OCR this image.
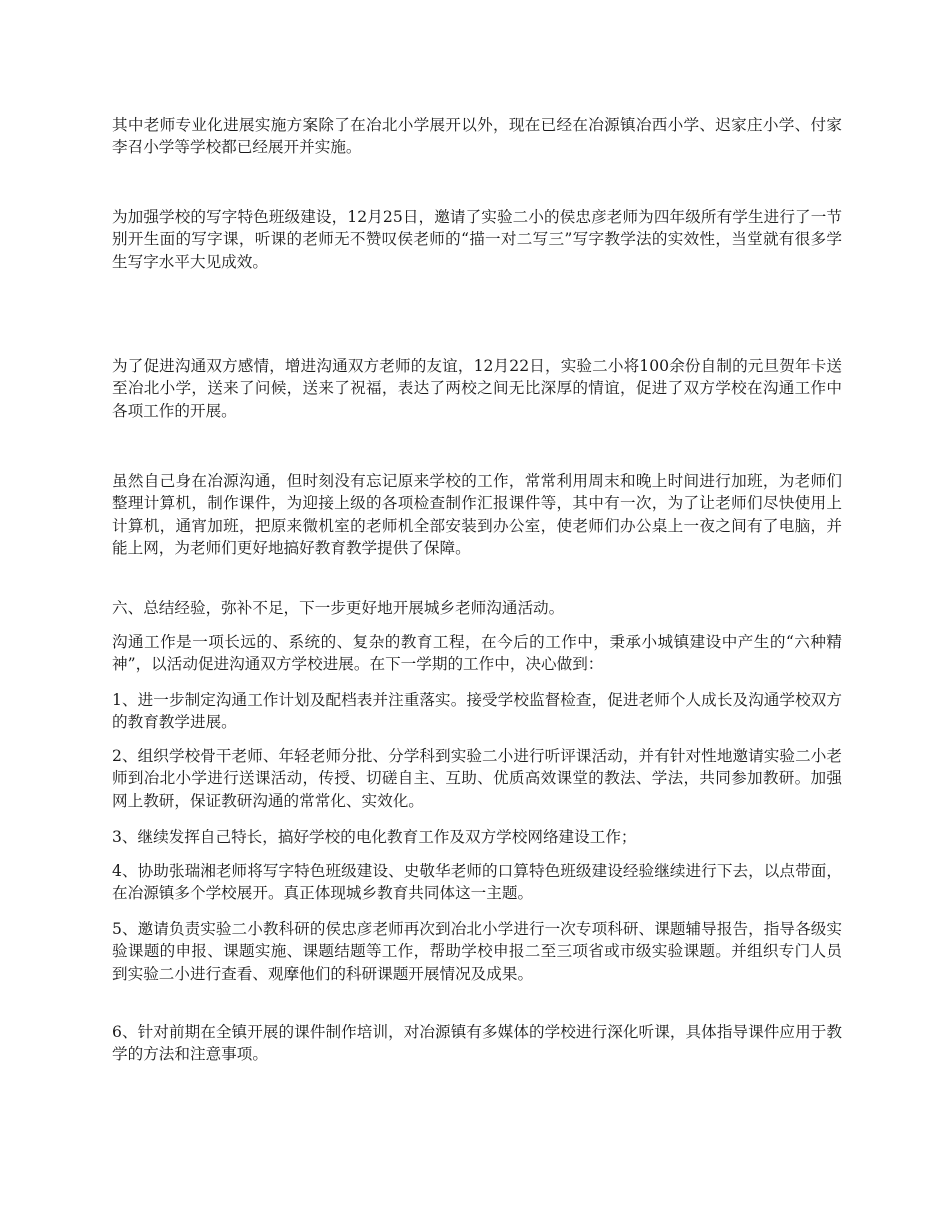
其中老师专业化进展实施方案除了在冶北小学展开以外，现在已经在冶源镇冶西小学、迟家庄小学、付家李召小学等学校都已经展开并实施。

为加强学校的写字特色班级建设，12月25日，邀请了实验二小的侯忠彦老师为四年级所有学生进行了一节别开生面的写字课，听课的老师无不赞叹侯老师的“描一对二写三”写字教学法的实效性，当堂就有很多学生写字水平大见成效。

为了促进沟通双方感情，增进沟通双方老师的友谊，12月22日，实验二小将100余份自制的元旦贺年卡送至冶北小学，送来了问候，送来了祝福，表达了两校之间无比深厚的情谊，促进了双方学校在沟通工作中各项工作的开展。

虽然自己身在冶源沟通，但时刻没有忘记原来学校的工作，常常利用周末和晚上时间进行加班，为老师们整理计算机，制作课件，为迎接上级的各项检查制作汇报课件等，其中有一次，为了让老师们尽快使用上计算机，通宵加班，把原来微机室的老师机全部安装到办公室，使老师们办公桌上一夜之间有了电脑，并能上网，为老师们更好地搞好教育教学提供了保障。

六、总结经验，弥补不足，下一步更好地开展城乡老师沟通活动。

沟通工作是一项长远的、系统的、复杂的教育工程，在今后的工作中，秉承小城镇建设中产生的“六种精神”，以活动促进沟通双方学校进展。在下一学期的工作中，决心做到：

1、进一步制定沟通工作计划及配档表并注重落实。接受学校监督检查，促进老师个人成长及沟通学校双方的教育教学进展。

2、组织学校骨干老师、年轻老师分批、分学科到实验二小进行听评课活动，并有针对性地邀请实验二小老师到冶北小学进行送课活动，传授、切磋自主、互助、优质高效课堂的教法、学法，共同参加教研。加强网上教研，保证教研沟通的常常化、实效化。

3、继续发挥自己特长，搞好学校的电化教育工作及双方学校网络建设工作；

4、协助张瑞湘老师将写字特色班级建设、史敬华老师的口算特色班级建设经验继续进行下去，以点带面，在冶源镇多个学校展开。真正体现城乡教育共同体这一主题。

5、邀请负责实验二小教科研的侯忠彦老师再次到冶北小学进行一次专项科研、课题辅导报告，指导各级实验课题的申报、课题实施、课题结题等工作，帮助学校申报二至三项省或市级实验课题。并组织专门人员到实验二小进行查看、观摩他们的科研课题开展情况及成果。

6、针对前期在全镇开展的课件制作培训，对冶源镇有多媒体的学校进行深化听课，具体指导课件应用于教学的方法和注意事项。
